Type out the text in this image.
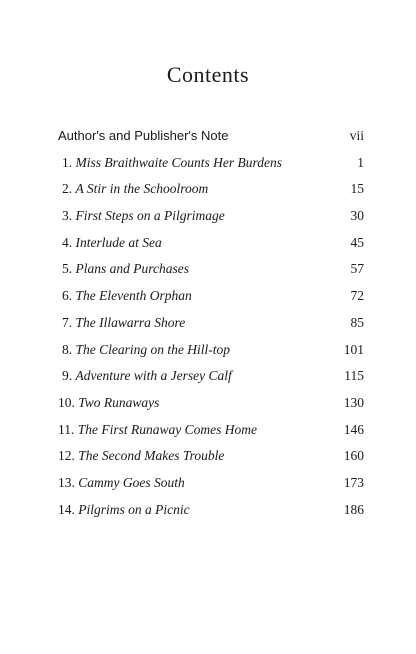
Contents
Author's and Publisher's Note	vii
1. Miss Braithwaite Counts Her Burdens	1
2. A Stir in the Schoolroom	15
3. First Steps on a Pilgrimage	30
4. Interlude at Sea	45
5. Plans and Purchases	57
6. The Eleventh Orphan	72
7. The Illawarra Shore	85
8. The Clearing on the Hill-top	101
9. Adventure with a Jersey Calf	115
10. Two Runaways	130
11. The First Runaway Comes Home	146
12. The Second Makes Trouble	160
13. Cammy Goes South	173
14. Pilgrims on a Picnic	186
